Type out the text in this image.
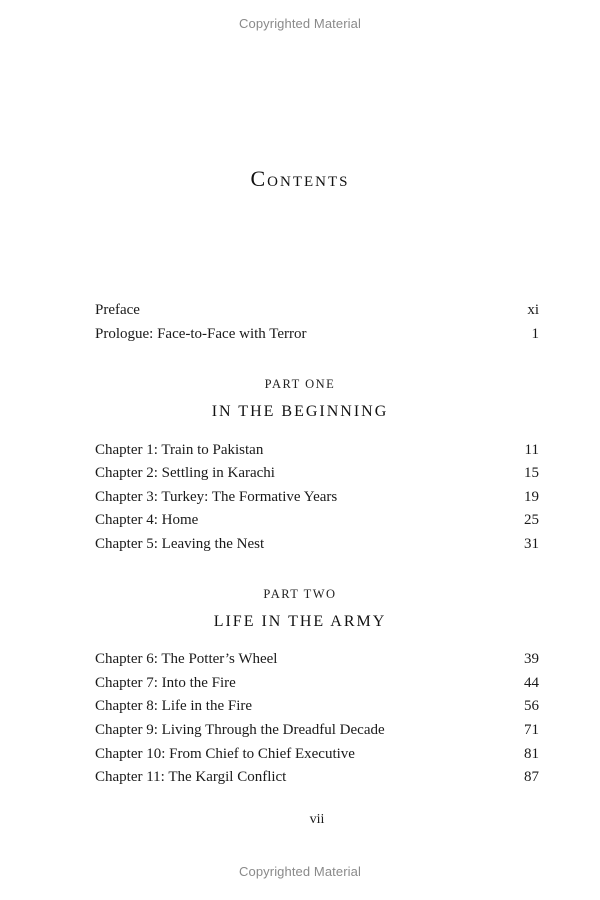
Copyrighted Material
Contents
Preface	xi
Prologue: Face-to-Face with Terror	1
PART ONE
IN THE BEGINNING
Chapter 1: Train to Pakistan	11
Chapter 2: Settling in Karachi	15
Chapter 3: Turkey: The Formative Years	19
Chapter 4: Home	25
Chapter 5: Leaving the Nest	31
PART TWO
LIFE IN THE ARMY
Chapter 6: The Potter’s Wheel	39
Chapter 7: Into the Fire	44
Chapter 8: Life in the Fire	56
Chapter 9: Living Through the Dreadful Decade	71
Chapter 10: From Chief to Chief Executive	81
Chapter 11: The Kargil Conflict	87
vii
Copyrighted Material
